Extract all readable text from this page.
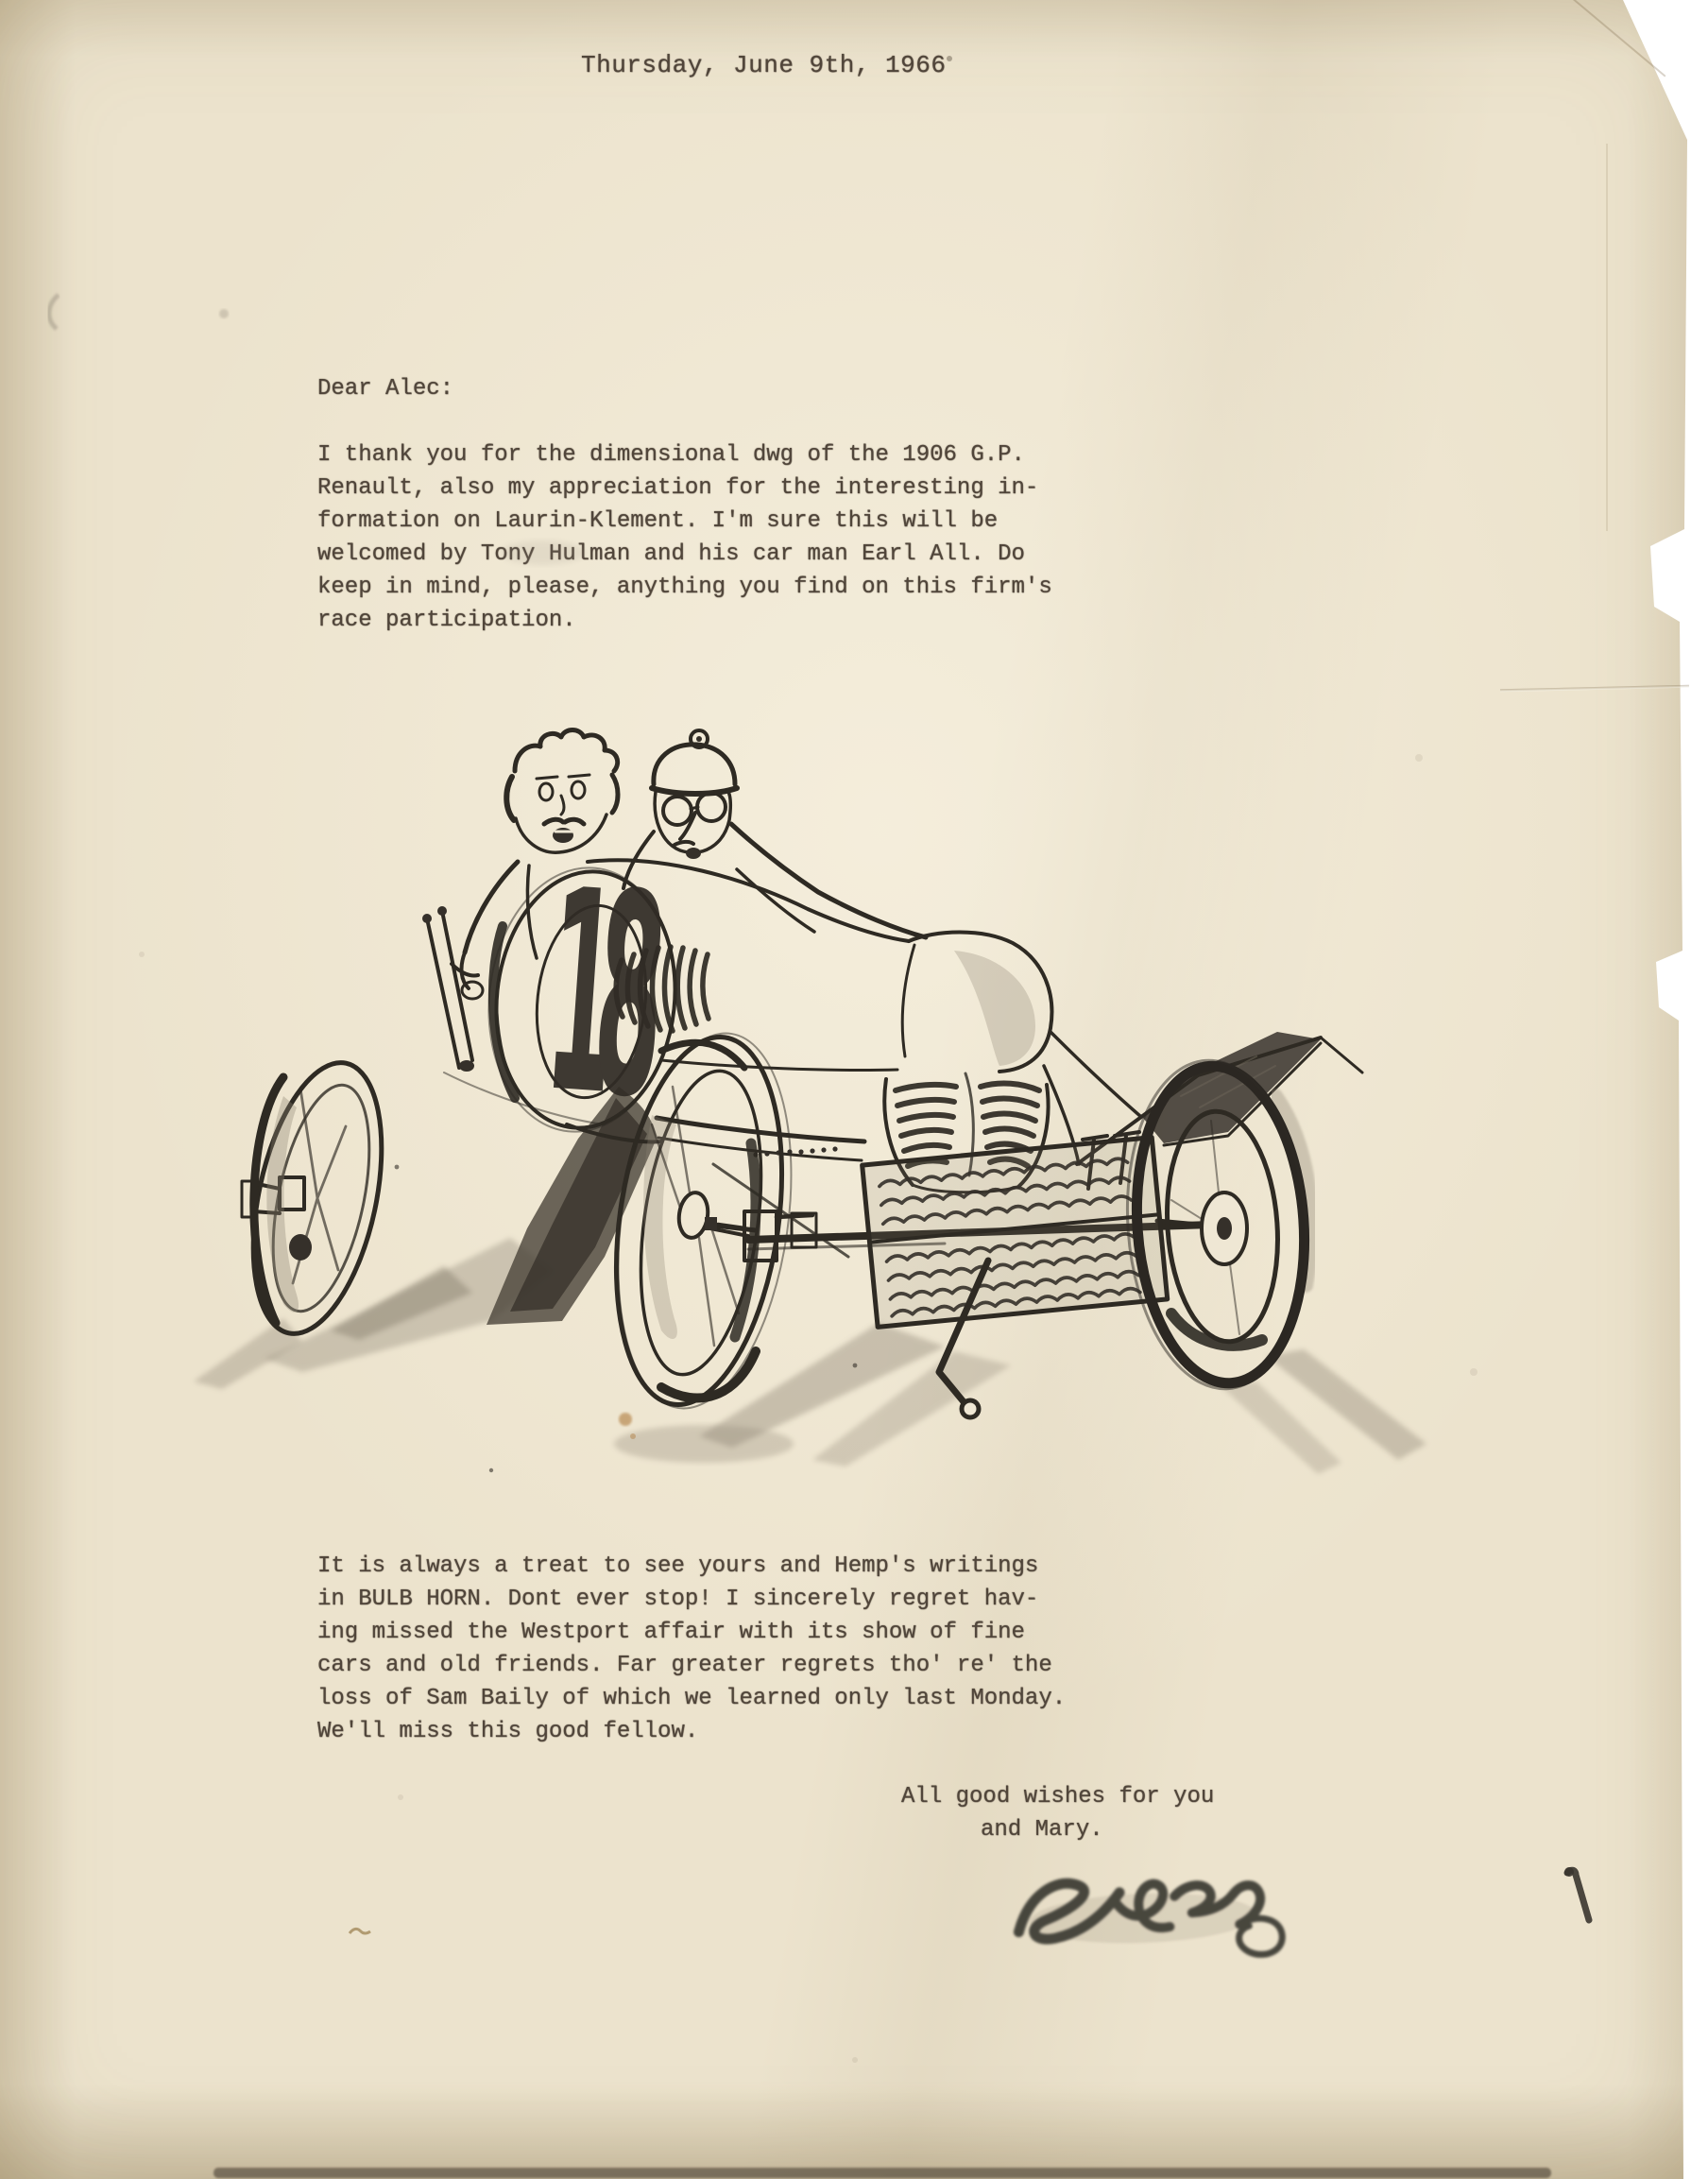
Thursday, June 9th, 1966
Dear Alec:
I thank you for the dimensional dwg of the 1906 G.P.
Renault, also my appreciation for the interesting in-
formation on Laurin-Klement. I'm sure this will be
welcomed by Tony Hulman and his car man Earl All. Do
keep in mind, please, anything you find on this firm's
race participation.
It is always a treat to see yours and Hemp's writings
in BULB HORN. Dont ever stop! I sincerely regret hav-
ing missed the Westport affair with its show of fine
cars and old friends. Far greater regrets tho' re' the
loss of Sam Baily of which we learned only last Monday.
We'll miss this good fellow.
All good wishes for you
and Mary.
18
